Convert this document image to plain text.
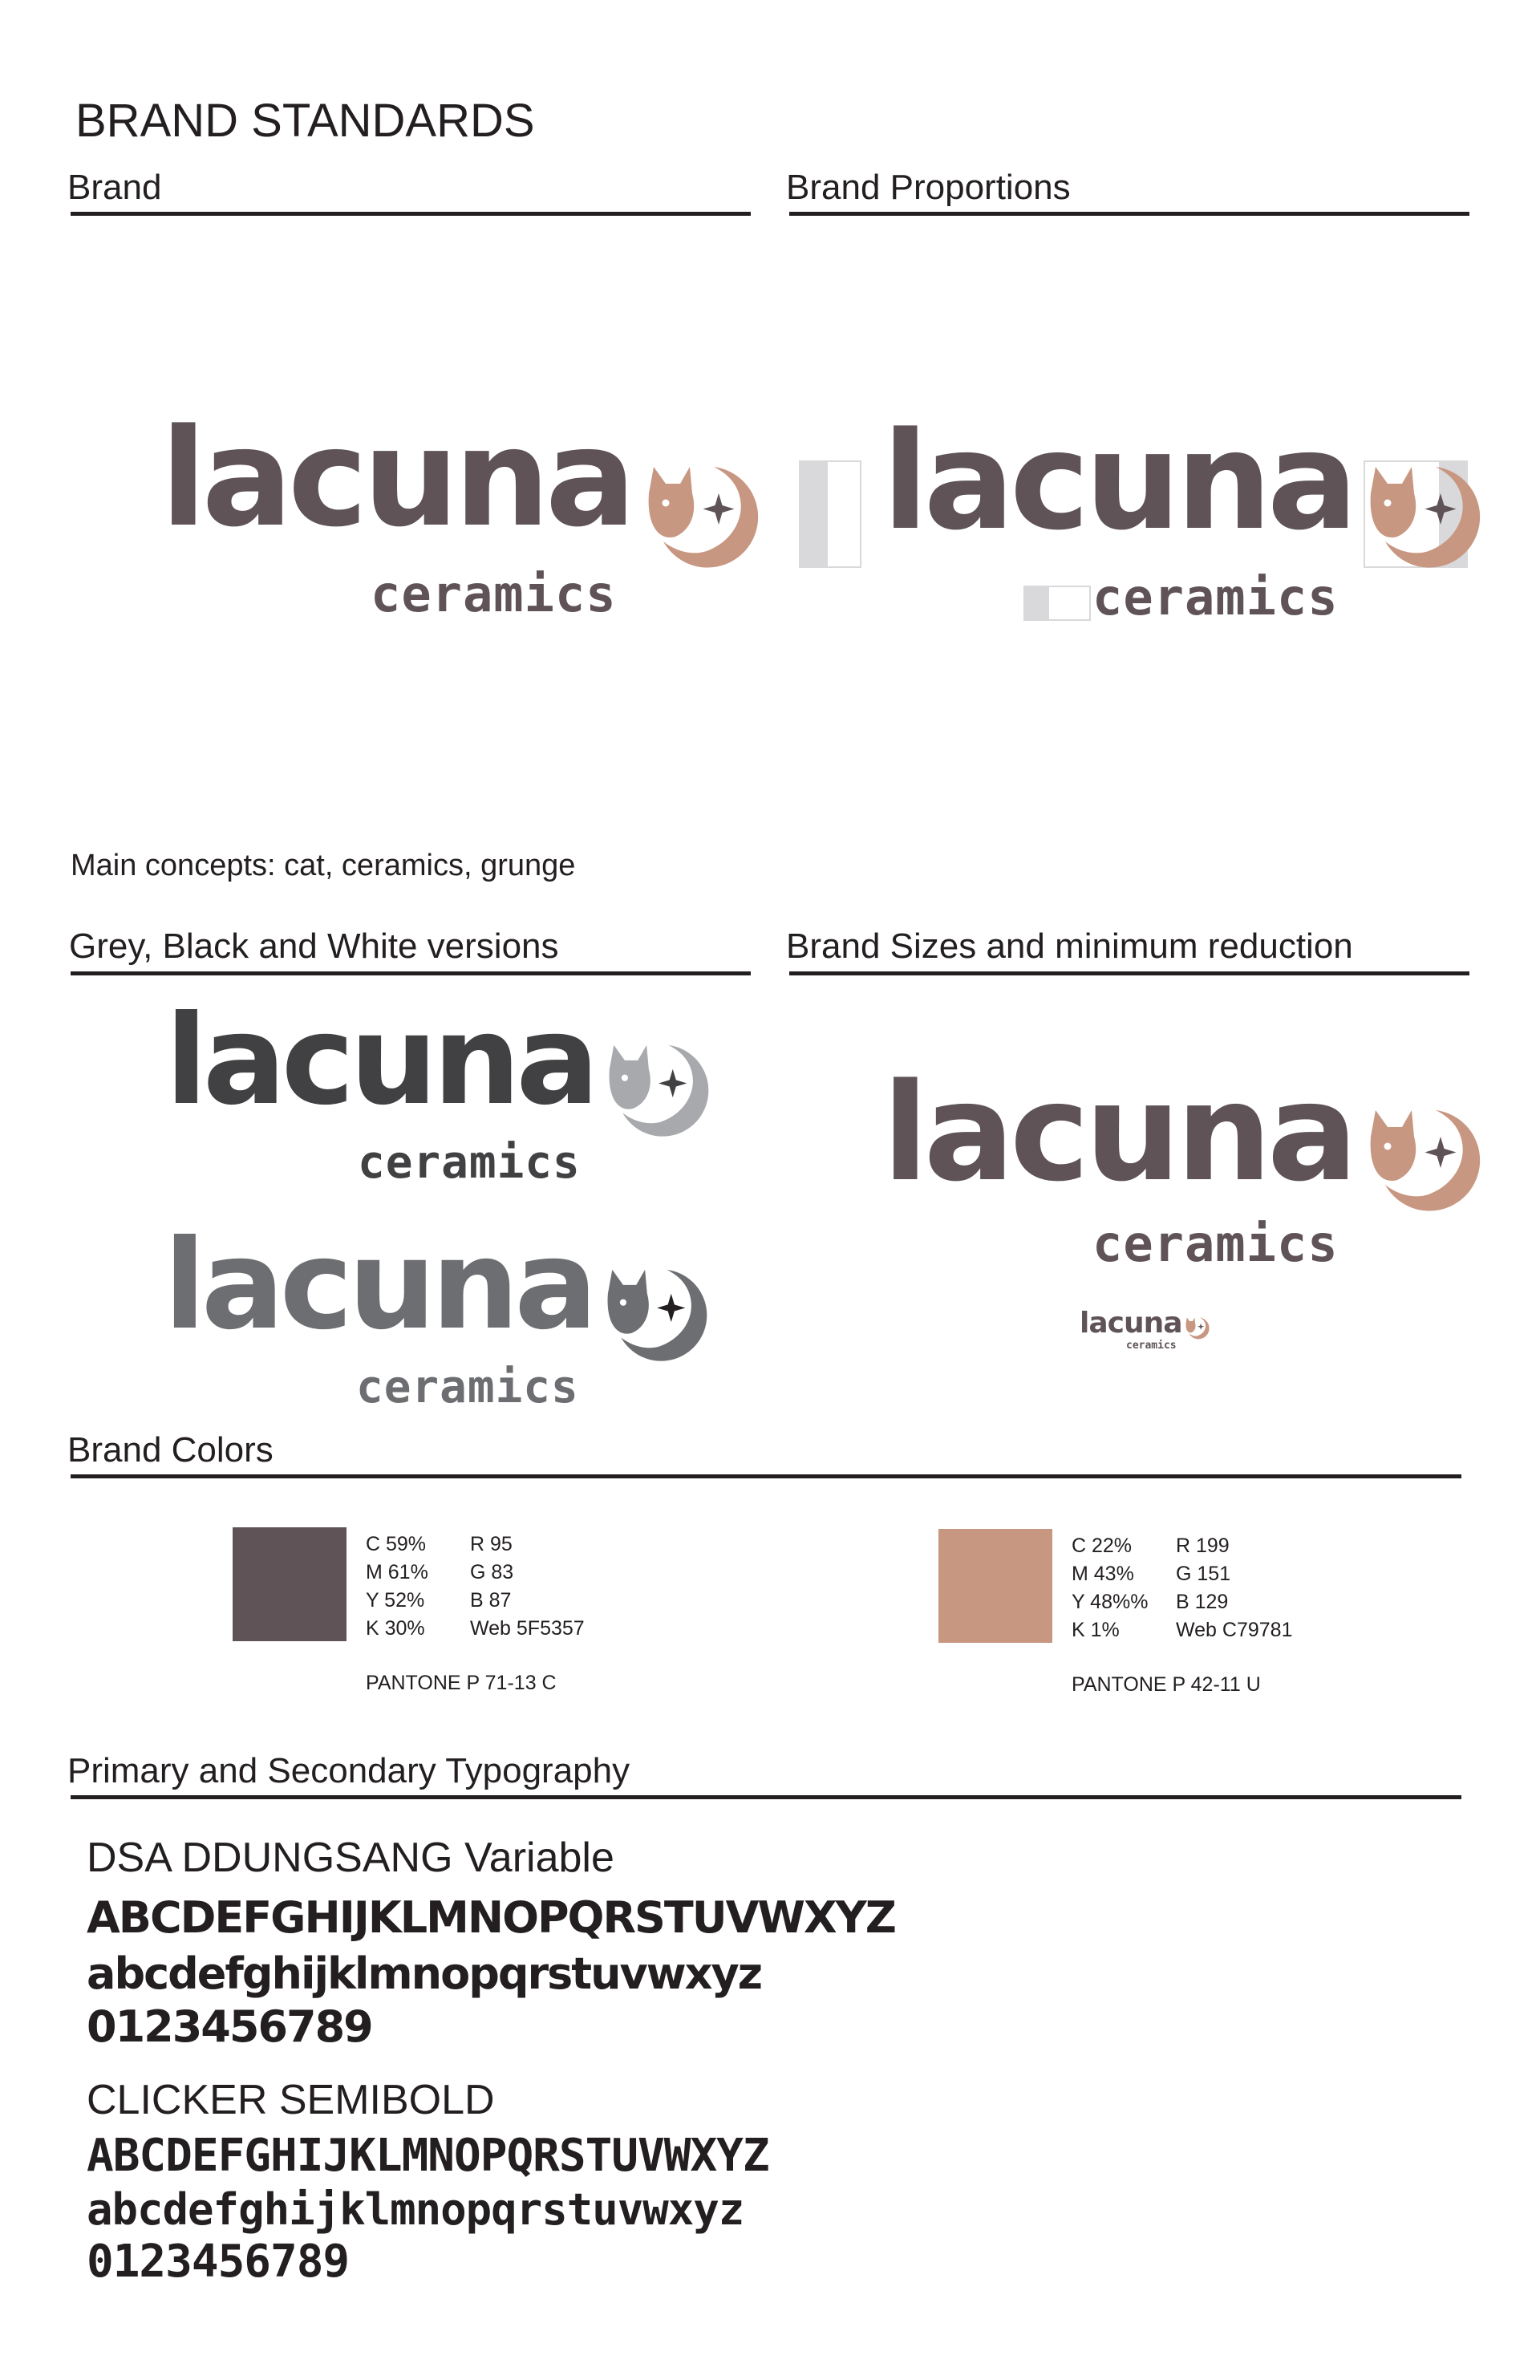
BRAND STANDARDS
Brand	Brand Proportions
lacuna
ceramics
lacuna
ceramics
Main concepts: cat, ceramics, grunge
Grey, Black and White versions	Brand Sizes and minimum reduction
lacuna
ceramics
lacuna
ceramics
lacuna
ceramics
lacuna
ceramics
Brand Colors
C 59%
M 61%
Y 52%
K 30%
R 95
G 83
B 87
Web 5F5357
PANTONE P 71-13 C
C 22%
M 43%
Y 48%%
K 1%
R 199
G 151
B 129
Web C79781
PANTONE P 42-11 U
Primary and Secondary Typography
DSA DDUNGSANG Variable
ABCDEFGHIJKLMNOPQRSTUVWXYZ
abcdefghijklmnopqrstuvwxyz
0123456789
CLICKER SEMIBOLD
ABCDEFGHIJKLMNOPQRSTUVWXYZ
abcdefghijklmnopqrstuvwxyz
0123456789
